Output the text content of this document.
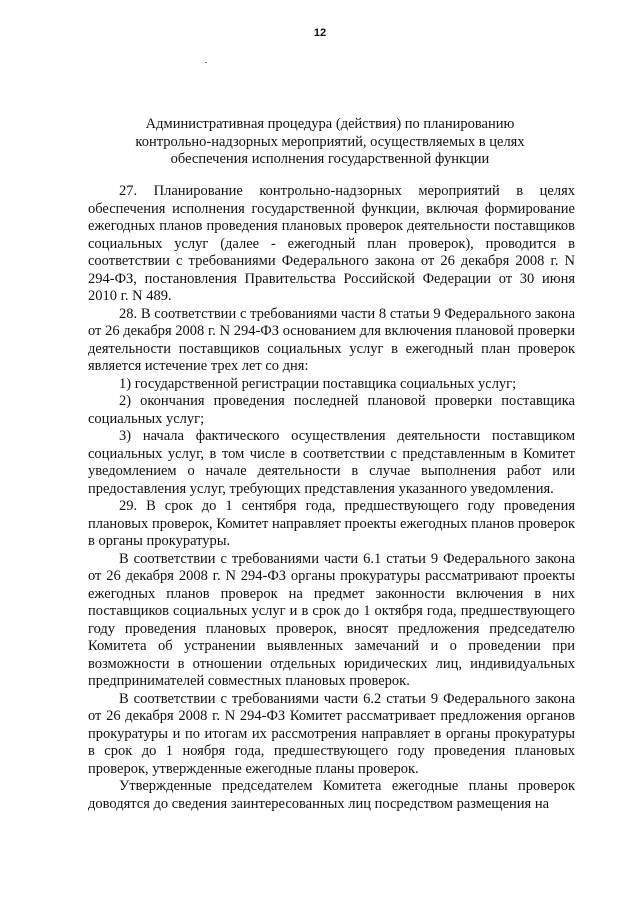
12
Административная процедура (действия) по планированию
контрольно-надзорных мероприятий, осуществляемых в целях
обеспечения исполнения государственной функции

27. Планирование контрольно-надзорных мероприятий в целях обеспечения исполнения государственной функции, включая формирование ежегодных планов проведения плановых проверок деятельности поставщиков социальных услуг (далее - ежегодный план проверок), проводится в соответствии с требованиями Федерального закона от 26 декабря 2008 г. N 294-ФЗ, постановления Правительства Российской Федерации от 30 июня 2010 г. N 489.

28. В соответствии с требованиями части 8 статьи 9 Федерального закона от 26 декабря 2008 г. N 294-ФЗ основанием для включения плановой проверки деятельности поставщиков социальных услуг в ежегодный план проверок является истечение трех лет со дня:

1) государственной регистрации поставщика социальных услуг;

2) окончания проведения последней плановой проверки поставщика социальных услуг;

3) начала фактического осуществления деятельности поставщиком социальных услуг, в том числе в соответствии с представленным в Комитет уведомлением о начале деятельности в случае выполнения работ или предоставления услуг, требующих представления указанного уведомления.

29. В срок до 1 сентября года, предшествующего году проведения плановых проверок, Комитет направляет проекты ежегодных планов проверок в органы прокуратуры.

В соответствии с требованиями части 6.1 статьи 9 Федерального закона от 26 декабря 2008 г. N 294-ФЗ органы прокуратуры рассматривают проекты ежегодных планов проверок на предмет законности включения в них поставщиков социальных услуг и в срок до 1 октября года, предшествующего году проведения плановых проверок, вносят предложения председателю Комитета об устранении выявленных замечаний и о проведении при возможности в отношении отдельных юридических лиц, индивидуальных предпринимателей совместных плановых проверок.

В соответствии с требованиями части 6.2 статьи 9 Федерального закона от 26 декабря 2008 г. N 294-ФЗ Комитет рассматривает предложения органов прокуратуры и по итогам их рассмотрения направляет в органы прокуратуры в срок до 1 ноября года, предшествующего году проведения плановых проверок, утвержденные ежегодные планы проверок.

Утвержденные председателем Комитета ежегодные планы проверок доводятся до сведения заинтересованных лиц посредством размещения на
